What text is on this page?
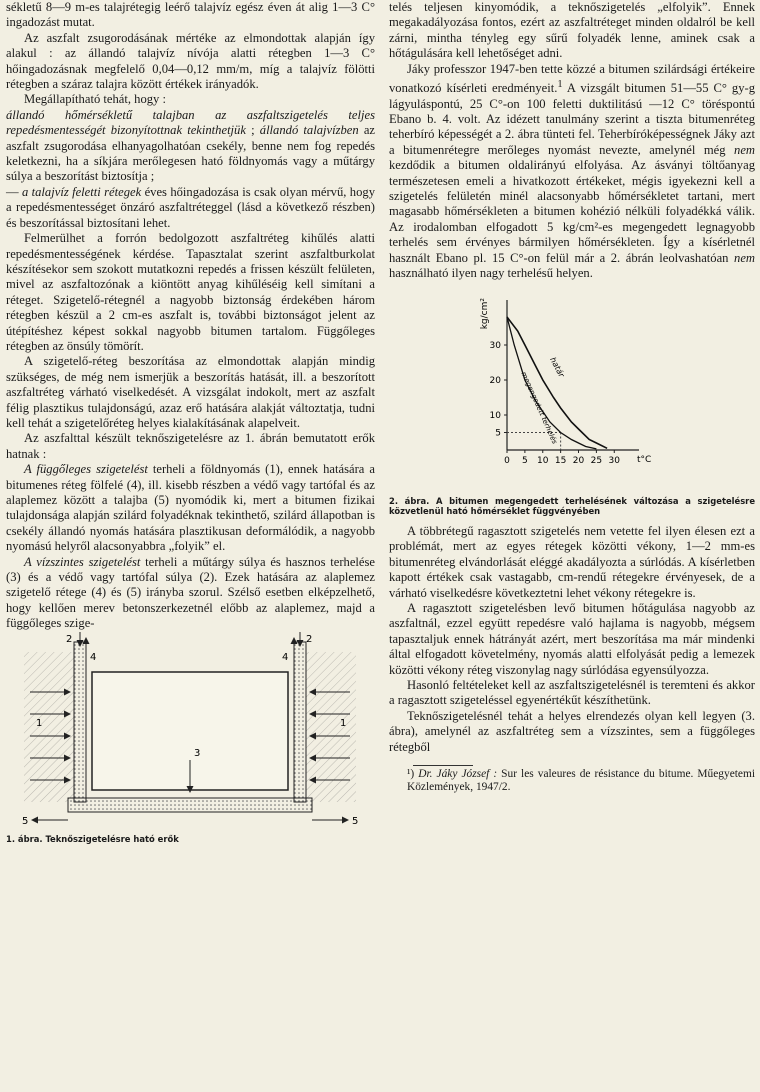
sékletű 8—9 m-es talajrétegig leérő talajvíz egész éven át alig 1—3 C° ingadozást mutat.

Az aszfalt zsugorodásának mértéke az elmondottak alapján így alakul : az állandó talajvíz nívója alatti rétegben 1—3 C° hőingadozásnak megfelelő 0,04—0,12 mm/m, míg a talajvíz fölötti rétegben a száraz talajra között értékek irányadók.

Megállapítható tehát, hogy :

állandó hőmérsékletű talajban az aszfaltszigetelés teljes repedésmentességét bizonyítottnak tekinthetjük ; állandó talajvízben az aszfalt zsugorodása elhanyagolhatóan csekély, benne nem fog repedés keletkezni, ha a síkjára merőlegesen ható földnyomás vagy a műtárgy súlya a beszorítást biztosítja ;

— a talajvíz feletti rétegek éves hőingadozása is csak olyan mérvű, hogy a repedésmentességet önzáró aszfaltréteggel (lásd a következő részben) és beszorítással biztosítani lehet.

Felmerülhet a forrón bedolgozott aszfaltréteg kihűlés alatti repedésmentességének kérdése. Tapasztalat szerint aszfaltburkolat készítésekor sem szokott mutatkozni repedés a frissen készült felületen, mivel az aszfaltozónak a kiöntött anyag kihűléséig kell simítani a réteget. Szigetelő-rétegnél a nagyobb biztonság érdekében három rétegben készül a 2 cm-es aszfalt is, további biztonságot jelent az útépítéshez képest sokkal nagyobb bitumen tartalom. Függőleges rétegben az önsúly tömörít.

A szigetelő-réteg beszorítása az elmondottak alapján mindig szükséges, de még nem ismerjük a beszorítás hatását, ill. a beszorított aszfaltréteg várható viselkedését. A vizsgálat indokolt, mert az aszfalt félig plasztikus tulajdonságú, azaz erő hatására alakját változtatja, tudni kell tehát a szigetelőréteg helyes kialakításának alapelveit.

Az aszfalttal készült teknőszigetelésre az 1. ábrán bemutatott erők hatnak :

A függőleges szigetelést terheli a földnyomás (1), ennek hatására a bitumenes réteg fölfelé (4), ill. kisebb részben a védő vagy tartófal és az alaplemez között a talajba (5) nyomódik ki, mert a bitumen fizikai tulajdonsága alapján szilárd folyadéknak tekinthető, szilárd állapotban is csekély állandó nyomás hatására plasztikusan deformálódik, a nagyobb nyomású helyről alacsonyabbra „folyik” el.

A vízszintes szigetelést terheli a műtárgy súlya és hasznos terhelése (3) és a védő vagy tartófal súlya (2). Ezek hatására az alaplemez szigetelő rétege (4) és (5) irányba szorul. Szélső esetben elképzelhető, hogy kellően merev betonszerkezetnél előbb az alaplemez, majd a függőleges szige-

2
4
1
3
1
2
4
5	5
1. ábra. Teknőszigetelésre ható erők

telés teljesen kinyomódik, a teknőszigetelés „elfolyik”. Ennek megakadályozása fontos, ezért az aszfaltréteget minden oldalról be kell zárni, mintha tényleg egy sűrű folyadék lenne, aminek csak a hőtágulására kell lehetőséget adni.

Jáky professzor 1947-ben tette közzé a bitumen szilárdsági értékeire vonatkozó kísérleti eredményeit.$^1$ A vizsgált bitumen 51—55 C° gy-g lágyuláspontú, 25 C°-on 100 feletti duktilitású —12 C° töréspontú Ebano b. 4. volt. Az idézett tanulmány szerint a tiszta bitumenréteg teherbíró képességét a 2. ábra tünteti fel. Teherbíróképességnek Jáky azt a bitumenrétegre merőleges nyomást nevezte, amelynél még nem kezdődik a bitumen oldalirányú elfolyása. Az ásványi töltőanyag természetesen emeli a hivatkozott értékeket, mégis igyekezni kell a szigetelés felületén minél alacsonyabb hőmérsékletet tartani, mert magasabb hőmérsékleten a bitumen kohézió nélküli folyadékká válik. Az irodalomban elfogadott 5 kg/cm²-es megengedett legnagyobb terhelés sem érvényes bármilyen hőmérsékleten. Így a kísérletnél használt Ebano pl. 15 C°-on felül már a 2. ábrán leolvashatóan nem használható ilyen nagy terhelésű helyen.

kg/cm²
t°C
0 5 10 15 20 25 30
5
10
20
30
határ
megengedett terhelés
2. ábra. A bitumen megengedett terhelésének változása a szigetelésre közvetlenül ható hőmérséklet függvényében

A többrétegű ragasztott szigetelés nem vetette fel ilyen élesen ezt a problémát, mert az egyes rétegek közötti vékony, 1—2 mm-es bitumenréteg elvándorlását eléggé akadályozta a súrlódás. A kísérletben kapott értékek csak vastagabb, cm-rendű rétegekre érvényesek, de a várható viselkedésre következtetni lehet vékony rétegekre is.

A ragasztott szigetelésben levő bitumen hőtágulása nagyobb az aszfaltnál, ezzel együtt repedésre való hajlama is nagyobb, mégsem tapasztaljuk ennek hátrányát azért, mert beszorítása ma már mindenki által elfogadott követelmény, nyomás alatti elfolyását pedig a lemezek közötti vékony réteg viszonylag nagy súrlódása egyensúlyozza.

Hasonló feltételeket kell az aszfaltszigetelésnél is teremteni és akkor a ragasztott szigeteléssel egyenértékűt készíthetünk.

Teknőszigetelésnél tehát a helyes elrendezés olyan kell legyen (3. ábra), amelynél az aszfaltréteg sem a vízszintes, sem a függőleges rétegből

¹) Dr. Jáky József : Sur les valeures de résistance du bitume. Műegyetemi Közlemények, 1947/2.
